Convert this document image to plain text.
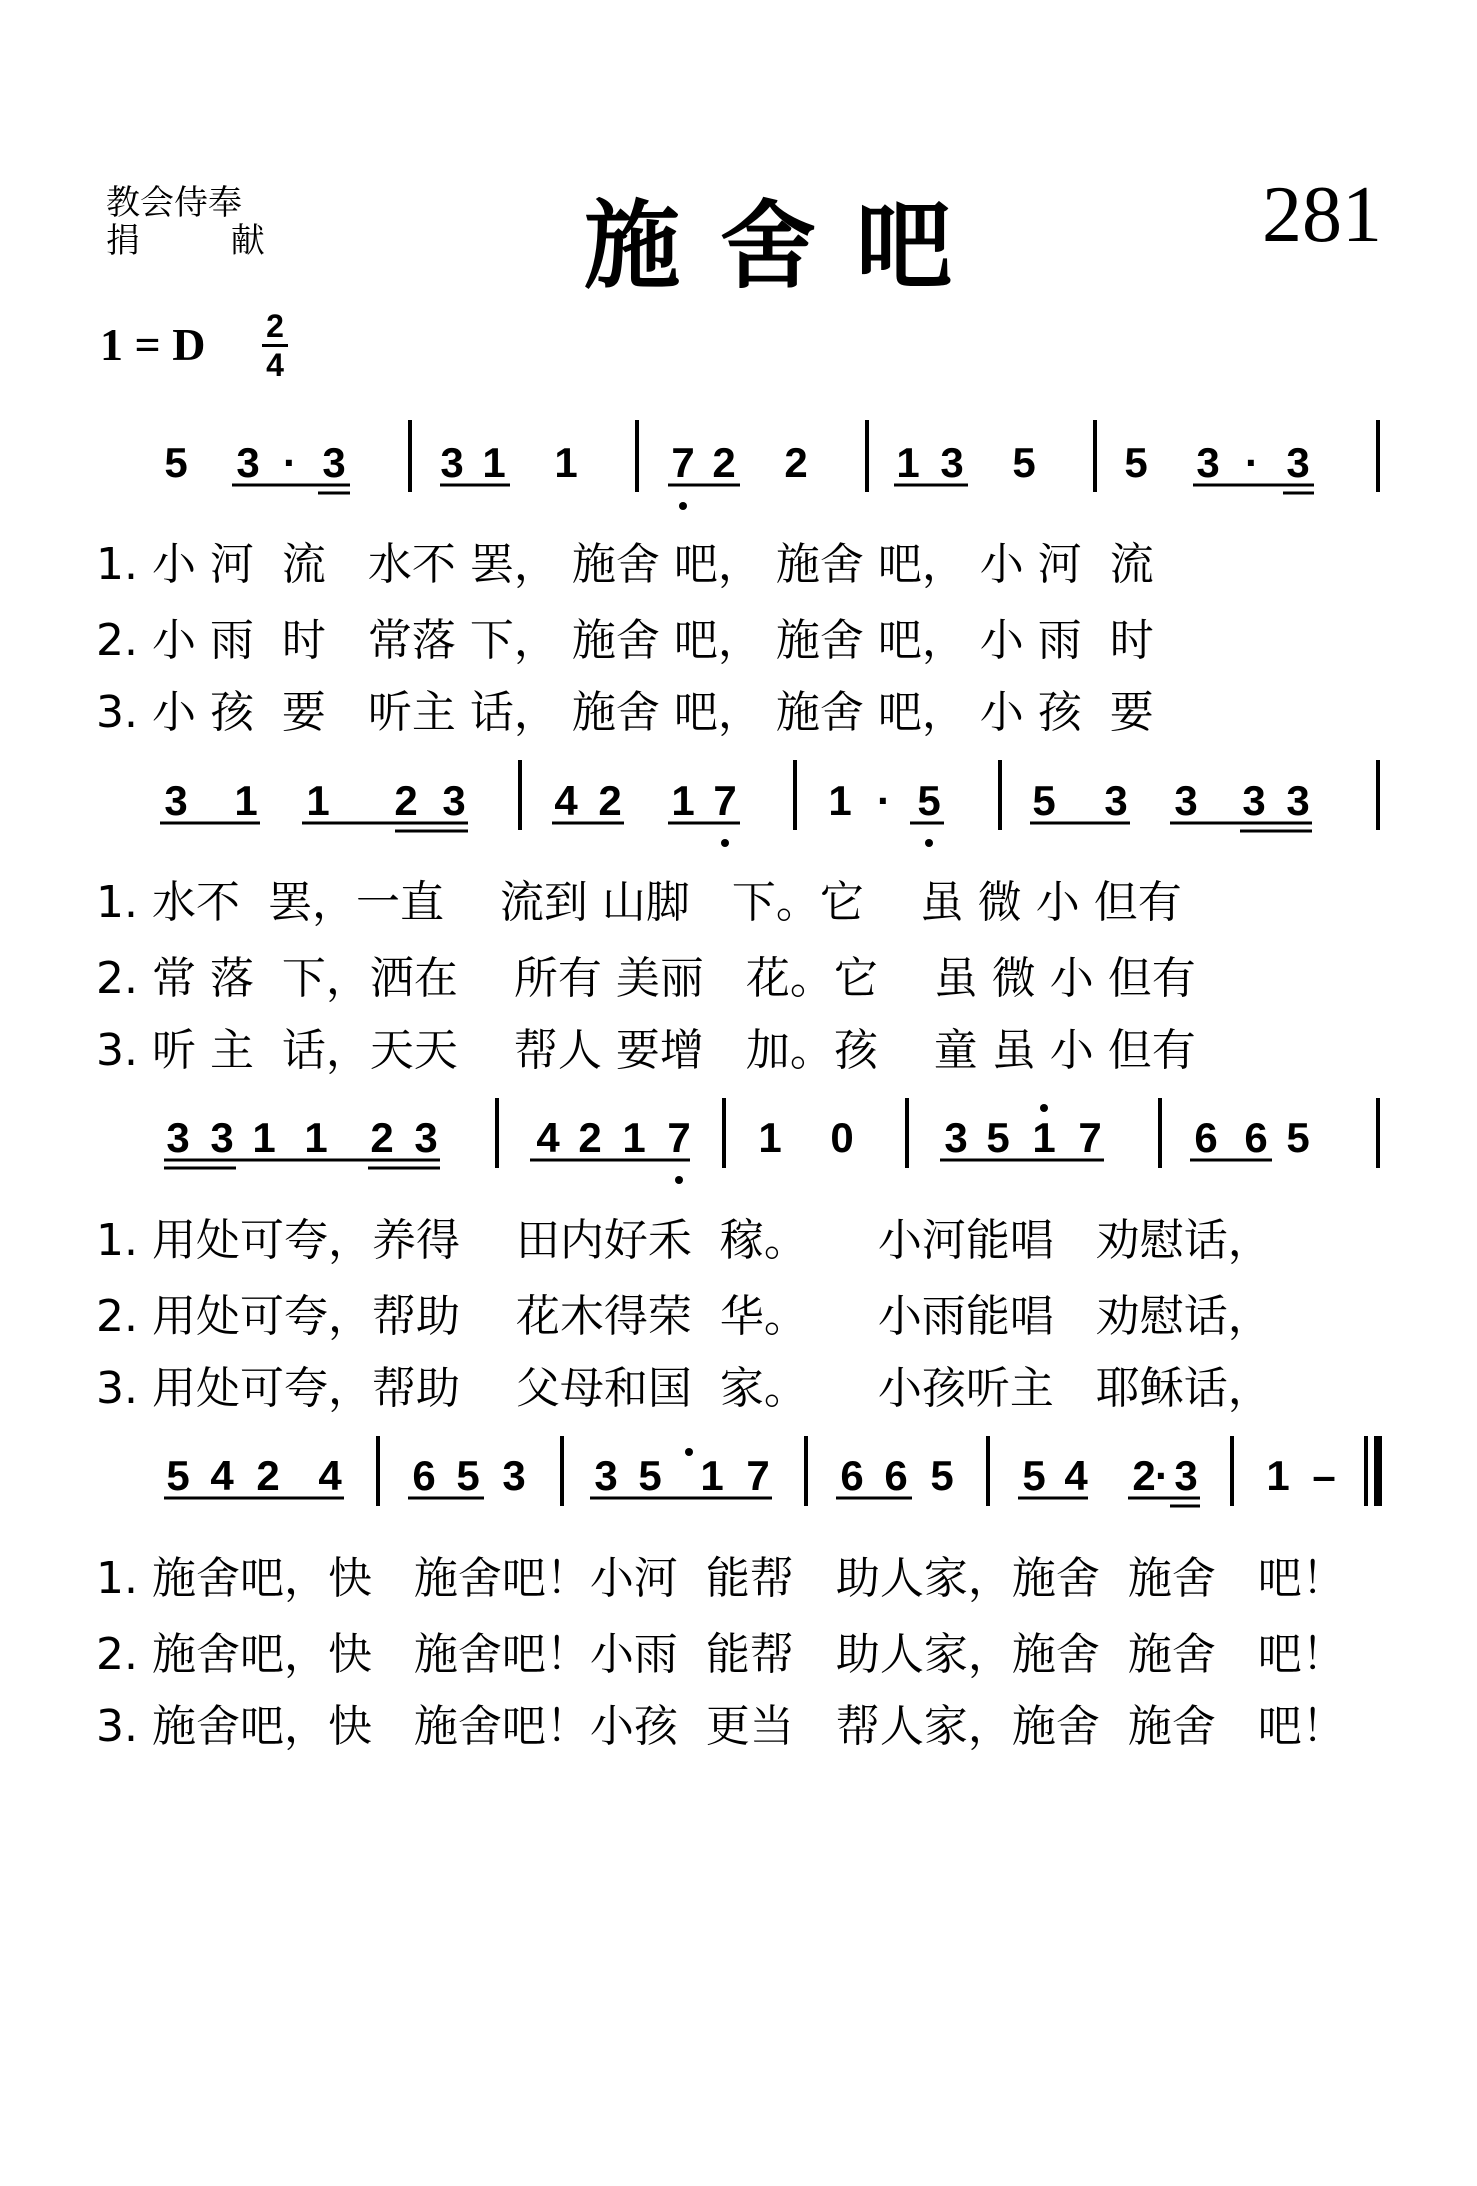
教会侍奉
捐 献	施舍吧	281
1 = D 2
4
5 3 · 3 3 1 1 7 2 2 1 3 5 5 3 · 3
3 1 1 2 3 4 2 1 7 1 · 5 5 3 3 3 3
3 3 1 1 2 3 4 2 1 7 1 0 3 5 1 7 6 6 5
5 4 2 4 6 5 3 3 5 1 7 6 6 5 5 4 2 · 3 1 –
1. 小 河  流   水不 罢， 施舍 吧， 施舍 吧， 小 河  流
2. 小 雨  时   常落 下， 施舍 吧， 施舍 吧， 小 雨  时
3. 小 孩  要   听主 话， 施舍 吧， 施舍 吧， 小 孩  要
1. 水不  罢，一直    流到 山脚   下。它    虽 微 小 但有
2. 常 落  下，洒在    所有 美丽   花。它    虽 微 小 但有
3. 听 主  话，天天    帮人 要增   加。孩    童 虽 小 但有
1. 用处可夸，养得    田内好禾  稼。     小河能唱   劝慰话，
2. 用处可夸，帮助    花木得荣  华。     小雨能唱   劝慰话，
3. 用处可夸，帮助    父母和国  家。     小孩听主   耶稣话，
1. 施舍吧，快   施舍吧！小河  能帮   助人家，施舍  施舍   吧！
2. 施舍吧，快   施舍吧！小雨  能帮   助人家，施舍  施舍   吧！
3. 施舍吧，快   施舍吧！小孩  更当   帮人家，施舍  施舍   吧！
